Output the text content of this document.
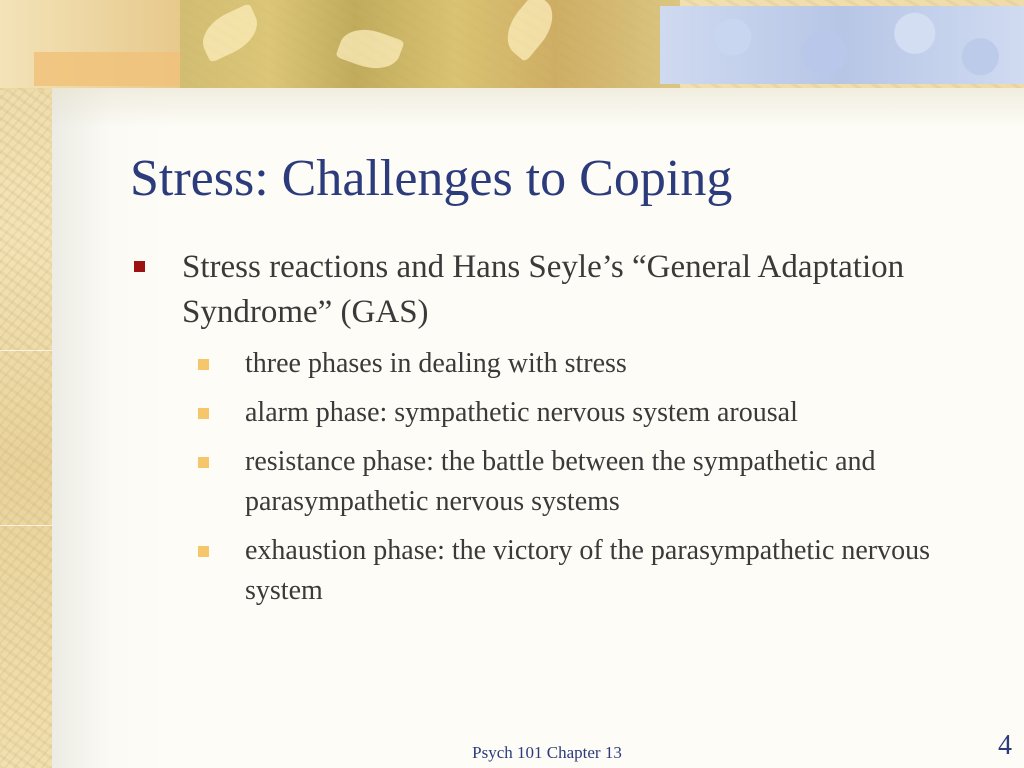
Stress: Challenges to Coping
Stress reactions and Hans Seyle’s “General Adaptation Syndrome” (GAS)
three phases in dealing with stress
alarm phase: sympathetic nervous system arousal
resistance phase: the battle between the sympathetic and parasympathetic nervous systems
exhaustion phase: the victory of the parasympathetic nervous system
Psych 101 Chapter 13	4
